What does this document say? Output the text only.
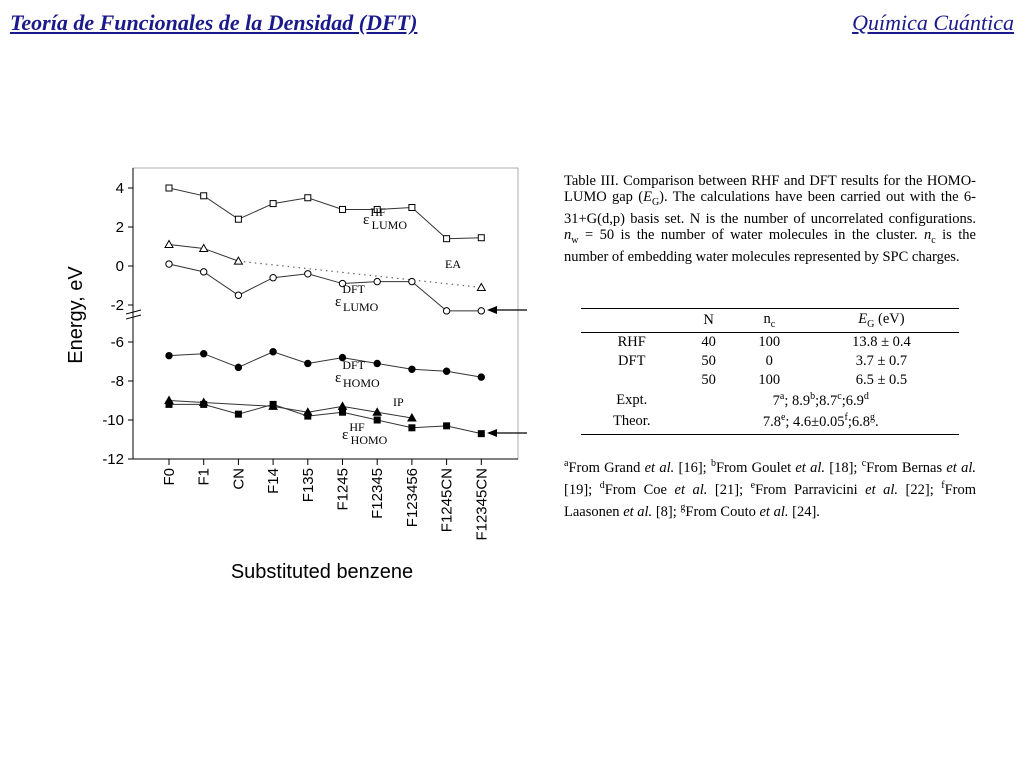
Teoría de Funcionales de la Densidad (DFT)	Química Cuántica
4
2
0
-2
-6
-8
-10
-12
F0 F1 CN F14 F135 F1245 F12345 F123456 F1245CN F12345CN
Energy, eV
Substituted benzene
εHF LUMO
EA
εDFT LUMO
εDFT HOMO
IP
εHF HOMO
Table III. Comparison between RHF and DFT results for the HOMO-LUMO gap $(E_G)$. The calculations have been carried out with the 6-31+G(d,p) basis set. N is the number of uncorrelated configurations. $n_w = 50$ is the number of water molecules in the cluster. $n_c$ is the number of embedding water molecules represented by SPC charges.
	N	$n_c$	$E_G$ (eV)
RHF	40	100	13.8 ± 0.4
DFT	50	0	3.7 ± 0.7
	50	100	6.5 ± 0.5
Expt.	7$^a$; 8.9$^b$;8.7$^c$;6.9$^d$
Theor.	7.8e; 4.6±0.05$^f$;6.8$^g$.		
$^a$From Grand et al. [16]; $^b$From Goulet et al. [18]; $^c$From Bernas et al. [19]; $^d$From Coe et al. [21]; $^e$From Parravicini et al. [22]; $^f$From Laasonen et al. [8]; $^g$From Couto et al. [24].
